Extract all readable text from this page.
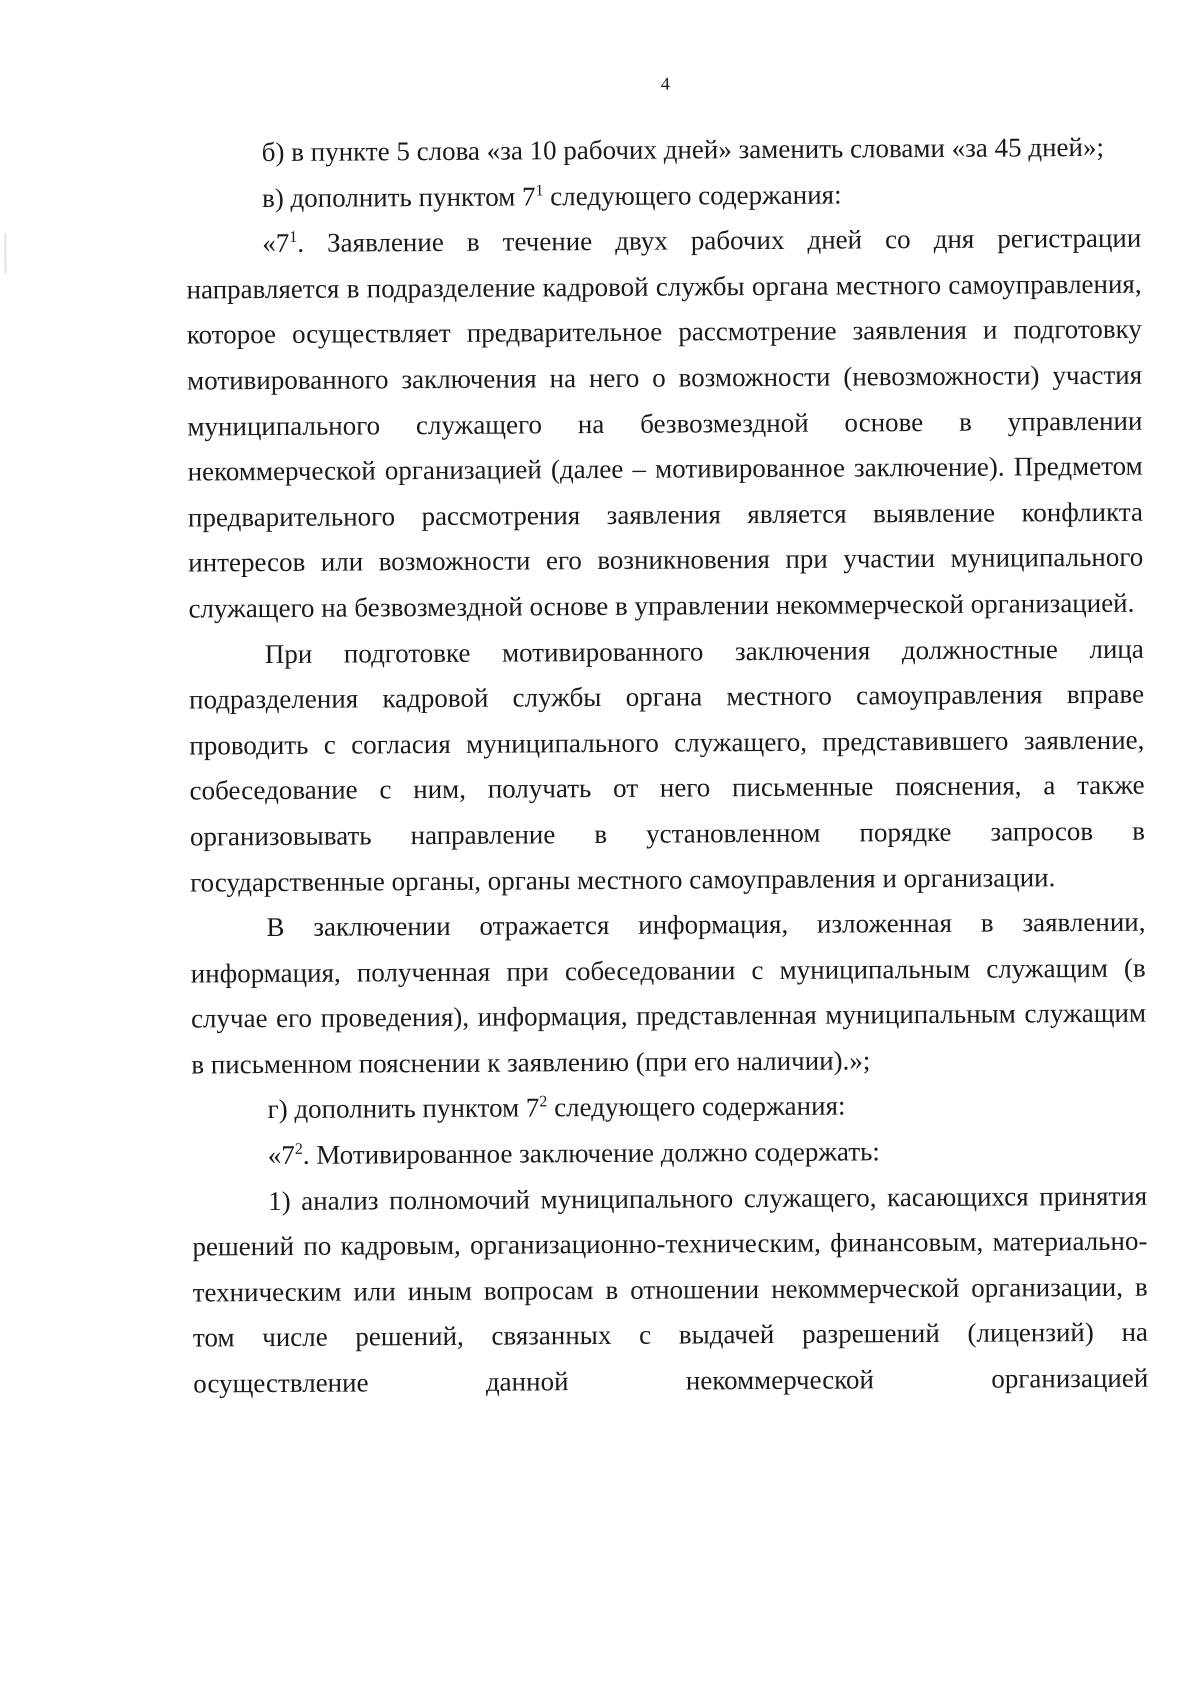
4

б) в пункте 5 слова «за 10 рабочих дней» заменить словами «за 45 дней»;

в) дополнить пунктом $7^1$ следующего содержания:

«$7^1$. Заявление в течение двух рабочих дней со дня регистрации направляется в подразделение кадровой службы органа местного самоуправления, которое осуществляет предварительное рассмотрение заявления и подготовку мотивированного заключения на него о возможности (невозможности) участия муниципального служащего на безвозмездной основе в управлении некоммерческой организацией (далее – мотивированное заключение). Предметом предварительного рассмотрения заявления является выявление конфликта интересов или возможности его возникновения при участии муниципального служащего на безвозмездной основе в управлении некоммерческой организацией.

При подготовке мотивированного заключения должностные лица подразделения кадровой службы органа местного самоуправления вправе проводить с согласия муниципального служащего, представившего заявление, собеседование с ним, получать от него письменные пояснения, а также организовывать направление в установленном порядке запросов в государственные органы, органы местного самоуправления и организации.

В заключении отражается информация, изложенная в заявлении, информация, полученная при собеседовании с муниципальным служащим (в случае его проведения), информация, представленная муниципальным служащим в письменном пояснении к заявлению (при его наличии).»;

г) дополнить пунктом $7^2$ следующего содержания:

«$7^2$. Мотивированное заключение должно содержать:

1) анализ полномочий муниципального служащего, касающихся принятия решений по кадровым, организационно-техническим, финансовым, материально-техническим или иным вопросам в отношении некоммерческой организации, в том числе решений, связанных с выдачей разрешений (лицензий) на осуществление данной некоммерческой организацией
